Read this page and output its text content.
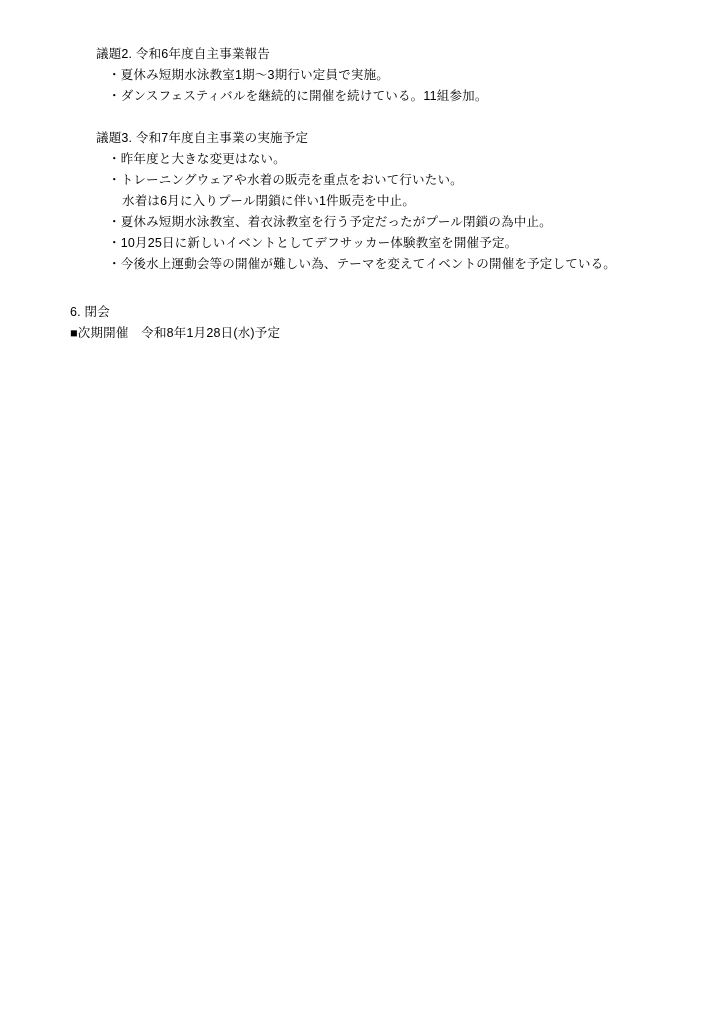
議題2. 令和6年度自主事業報告
・夏休み短期水泳教室1期～3期行い定員で実施。
・ダンスフェスティバルを継続的に開催を続けている。11組参加。
議題3. 令和7年度自主事業の実施予定
・昨年度と大きな変更はない。
・トレーニングウェアや水着の販売を重点をおいて行いたい。
水着は6月に入りプール閉鎖に伴い1件販売を中止。
・夏休み短期水泳教室、着衣泳教室を行う予定だったがプール閉鎖の為中止。
・10月25日に新しいイベントとしてデフサッカー体験教室を開催予定。
・今後水上運動会等の開催が難しい為、テーマを変えてイベントの開催を予定している。
6. 閉会
■次期開催　令和8年1月28日(水)予定
